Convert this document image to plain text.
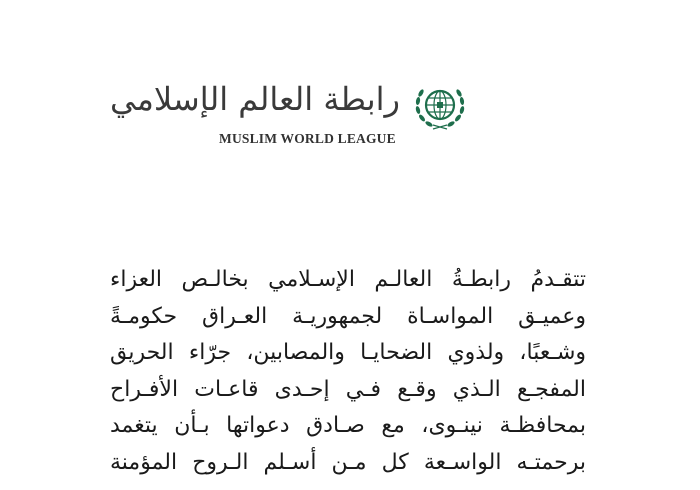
رابطة العالم الإسلامي
MUSLIM WORLD LEAGUE
تتقـدمُ رابطـةُ العالـم الإسـلامي بخالـص العزاء
وعميـق المواسـاة لجمهوريـة العـراق حكومـةً
وشـعبًا، ولذوي الضحايـا والمصابين، جرّاء الحريق
المفجـع الـذي وقـع فـي إحـدى قاعـات الأفـراح
بمحافظـة نينـوى، مع صـادق دعواتها بـأن يتغمد
برحمتـه الواسـعة كل مـن أسـلم الـروح المؤمنة
